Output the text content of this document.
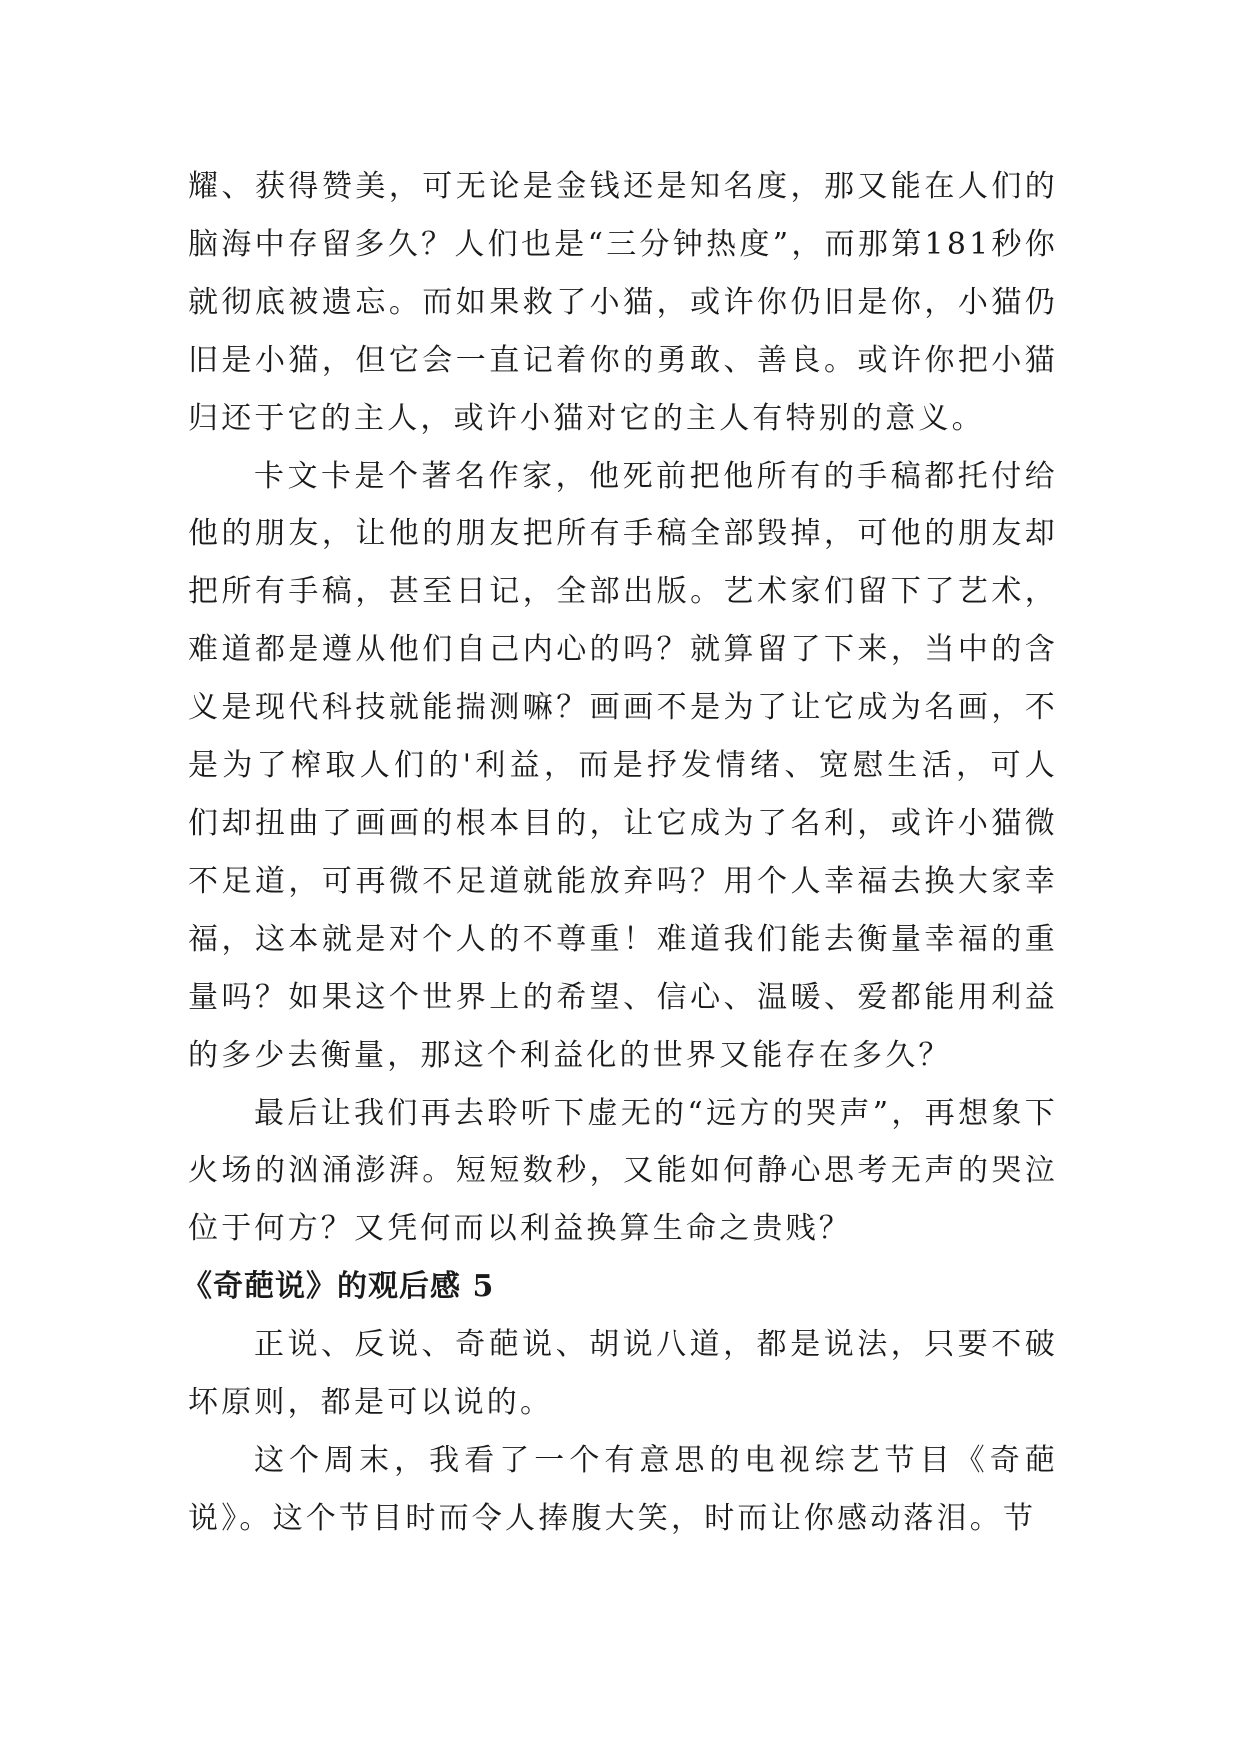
耀、获得赞美，可无论是金钱还是知名度，那又能在人们的脑海中存留多久？人们也是“三分钟热度”，而那第181秒你就彻底被遗忘。而如果救了小猫，或许你仍旧是你，小猫仍旧是小猫，但它会一直记着你的勇敢、善良。或许你把小猫归还于它的主人，或许小猫对它的主人有特别的意义。

卡文卡是个著名作家，他死前把他所有的手稿都托付给他的朋友，让他的朋友把所有手稿全部毁掉，可他的朋友却把所有手稿，甚至日记，全部出版。艺术家们留下了艺术，难道都是遵从他们自己内心的吗？就算留了下来，当中的含义是现代科技就能揣测嘛？画画不是为了让它成为名画，不是为了榨取人们的'利益，而是抒发情绪、宽慰生活，可人们却扭曲了画画的根本目的，让它成为了名利，或许小猫微不足道，可再微不足道就能放弃吗？用个人幸福去换大家幸福，这本就是对个人的不尊重！难道我们能去衡量幸福的重量吗？如果这个世界上的希望、信心、温暖、爱都能用利益的多少去衡量，那这个利益化的世界又能存在多久？

最后让我们再去聆听下虚无的“远方的哭声”，再想象下火场的汹涌澎湃。短短数秒，又能如何静心思考无声的哭泣位于何方？又凭何而以利益换算生命之贵贱？

《奇葩说》的观后感 5

正说、反说、奇葩说、胡说八道，都是说法，只要不破坏原则，都是可以说的。

这个周末，我看了一个有意思的电视综艺节目《奇葩说》。这个节目时而令人捧腹大笑，时而让你感动落泪。节
